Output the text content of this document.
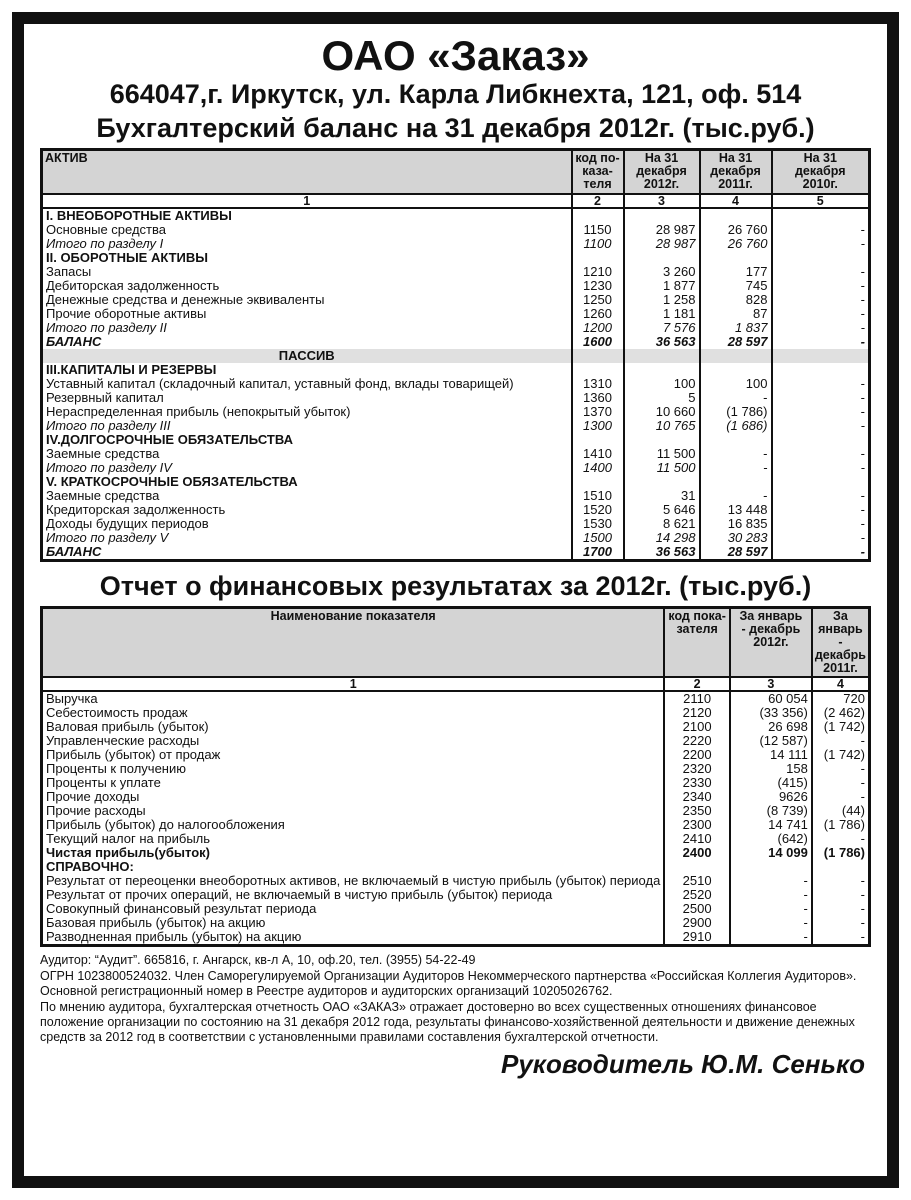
ОАО «Заказ»
664047,г. Иркутск, ул. Карла Либкнехта, 121, оф. 514
Бухгалтерский баланс на 31 декабря 2012г. (тыс.руб.)
АКТИВ	код по-
каза-
теля	На 31
декабря
2012г.	На 31
декабря
2011г.	На 31
декабря
2010г.
1	2	3	4	5
I. ВНЕОБОРОТНЫЕ АКТИВЫ				
Основные средства	1150	28 987	26 760	-
Итого по разделу I	1100	28 987	26 760	-
II. ОБОРОТНЫЕ АКТИВЫ				
Запасы	1210	3 260	177	-
Дебиторская задолженность	1230	1 877	745	-
Денежные средства и денежные эквиваленты	1250	1 258	828	-
Прочие оборотные активы	1260	1 181	87	-
Итого по разделу II	1200	7 576	1 837	-
БАЛАНС	1600	36 563	28 597	-
ПАССИВ				
III.КАПИТАЛЫ И РЕЗЕРВЫ				
Уставный капитал (складочный капитал, уставный фонд, вклады товарищей)	1310	100	100	-
Резервный капитал	1360	5	-	-
Нераспределенная прибыль (непокрытый убыток)	1370	10 660	(1 786)	-
Итого по разделу III	1300	10 765	(1 686)	-
IV.ДОЛГОСРОЧНЫЕ ОБЯЗАТЕЛЬСТВА				
Заемные средства	1410	11 500	-	-
Итого по разделу IV	1400	11 500	-	-
V. КРАТКОСРОЧНЫЕ ОБЯЗАТЕЛЬСТВА				
Заемные средства	1510	31	-	-
Кредиторская задолженность	1520	5 646	13 448	-
Доходы будущих периодов	1530	8 621	16 835	-
Итого по разделу V	1500	14 298	30 283	-
БАЛАНС	1700	36 563	28 597	-
Отчет о финансовых результатах за 2012г. (тыс.руб.)
Наименование показателя	код пока-
зателя	За январь
- декабрь
2012г.	За январь
- декабрь
2011г.
1	2	3	4
Выручка	2110	60 054	720
Себестоимость продаж	2120	(33 356)	(2 462)
Валовая прибыль (убыток)	2100	26 698	(1 742)
Управленческие расходы	2220	(12 587)	-
Прибыль (убыток) от продаж	2200	14 111	(1 742)
Проценты к получению	2320	158	-
Проценты к уплате	2330	(415)	-
Прочие доходы	2340	9626	-
Прочие расходы	2350	(8 739)	(44)
Прибыль (убыток) до налогообложения	2300	14 741	(1 786)
Текущий налог на прибыль	2410	(642)	-
Чистая прибыль(убыток)	2400	14 099	(1 786)
СПРАВОЧНО:			
Результат от переоценки внеоборотных активов, не включаемый в чистую прибыль (убыток) периода	2510	-	-
Результат от прочих операций, не включаемый в чистую прибыль (убыток) периода	2520	-	-
Совокупный финансовый результат периода	2500	-	-
Базовая прибыль (убыток) на акцию	2900	-	-
Разводненная прибыль (убыток) на акцию	2910	-	-

Аудитор: “Аудит”. 665816, г. Ангарск, кв-л А, 10, оф.20, тел. (3955) 54-22-49

ОГРН 1023800524032. Член Саморегулируемой Организации Аудиторов Некоммерческого партнерства «Российская Коллегия Аудиторов». Основной регистрационный номер в Реестре аудиторов и аудиторских организаций 10205026762.

По мнению аудитора, бухгалтерская отчетность ОАО «ЗАКАЗ» отражает достоверно во всех существенных отношениях финансовое положение организации по состоянию на 31 декабря 2012 года, результаты финансово-хозяйственной деятельности и движение денежных средств за 2012 год в соответствии с установленными правилами составления бухгалтерской отчетности.

Руководитель Ю.М. Сенько
